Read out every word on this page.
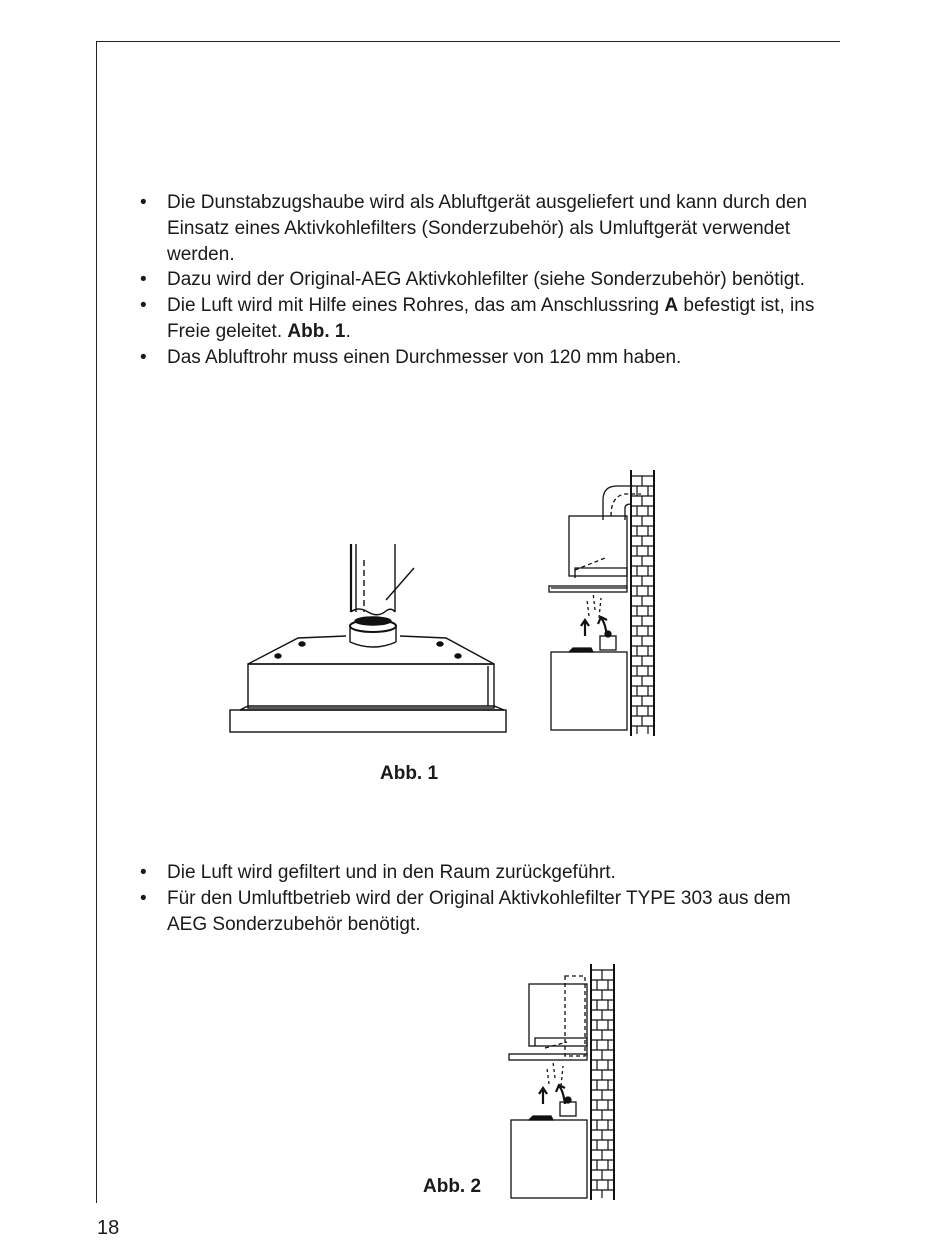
• Die Dunstabzugshaube wird als Abluftgerät ausgeliefert und kann durch den Einsatz eines Aktivkohlefilters (Sonderzubehör) als Umluftgerät verwendet werden.
• Dazu wird der Original-AEG Aktivkohlefilter (siehe Sonderzubehör) benötigt.
• Die Luft wird mit Hilfe eines Rohres, das am Anschlussring A befestigt ist, ins Freie geleitet. Abb. 1.
• Das Abluftrohr muss einen Durchmesser von 120 mm haben.
Abb. 1
• Die Luft wird gefiltert und in den Raum zurückgeführt.
• Für den Umluftbetrieb wird der Original Aktivkohlefilter TYPE 303 aus dem AEG Sonderzubehör benötigt.
Abb. 2
18
